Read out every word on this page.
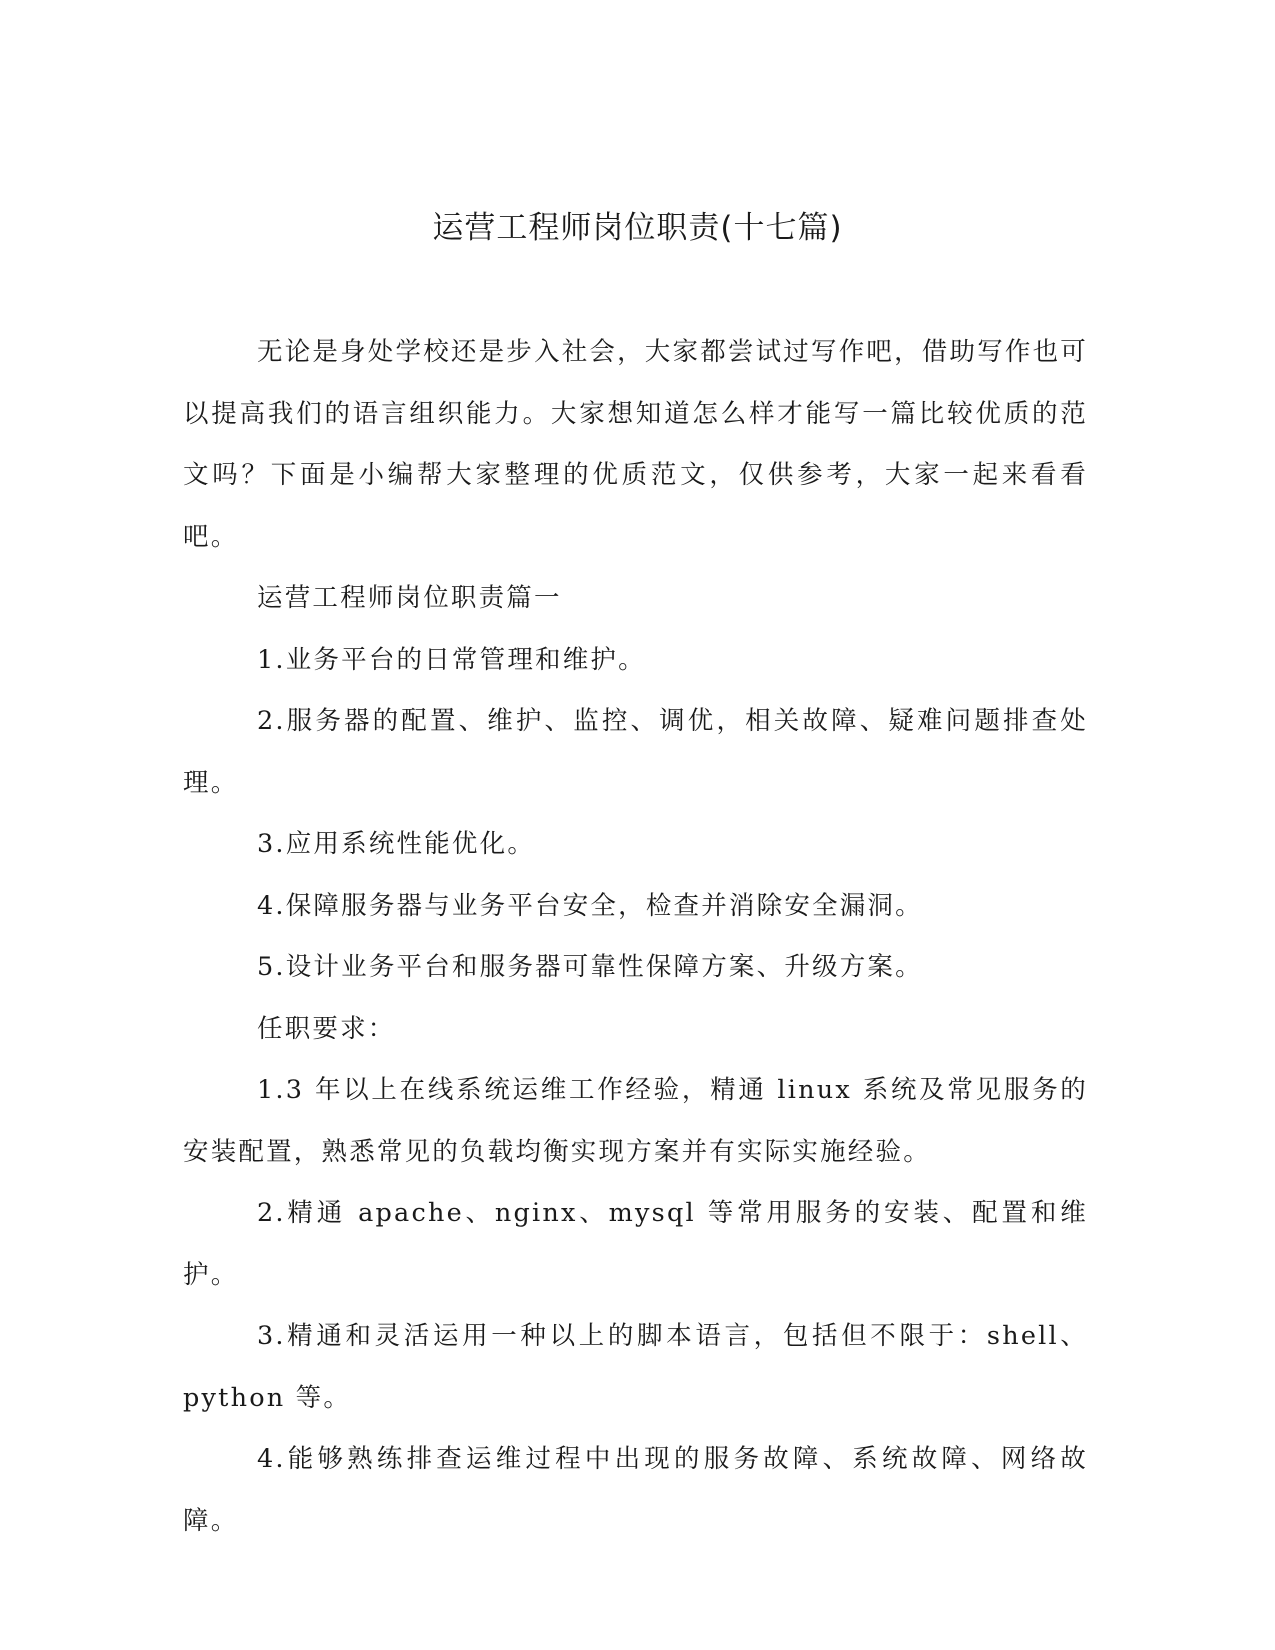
运营工程师岗位职责(十七篇)

无论是身处学校还是步入社会，大家都尝试过写作吧，借助写作也可以提高我们的语言组织能力。大家想知道怎么样才能写一篇比较优质的范文吗？下面是小编帮大家整理的优质范文，仅供参考，大家一起来看看吧。

运营工程师岗位职责篇一

1.业务平台的日常管理和维护。

2.服务器的配置、维护、监控、调优，相关故障、疑难问题排查处理。

3.应用系统性能优化。

4.保障服务器与业务平台安全，检查并消除安全漏洞。

5.设计业务平台和服务器可靠性保障方案、升级方案。

任职要求：

1.3 年以上在线系统运维工作经验，精通 linux 系统及常见服务的安装配置，熟悉常见的负载均衡实现方案并有实际实施经验。

2.精通 apache、nginx、mysql 等常用服务的安装、配置和维护。

3.精通和灵活运用一种以上的脚本语言，包括但不限于：shell、python 等。

4.能够熟练排查运维过程中出现的服务故障、系统故障、网络故障。
